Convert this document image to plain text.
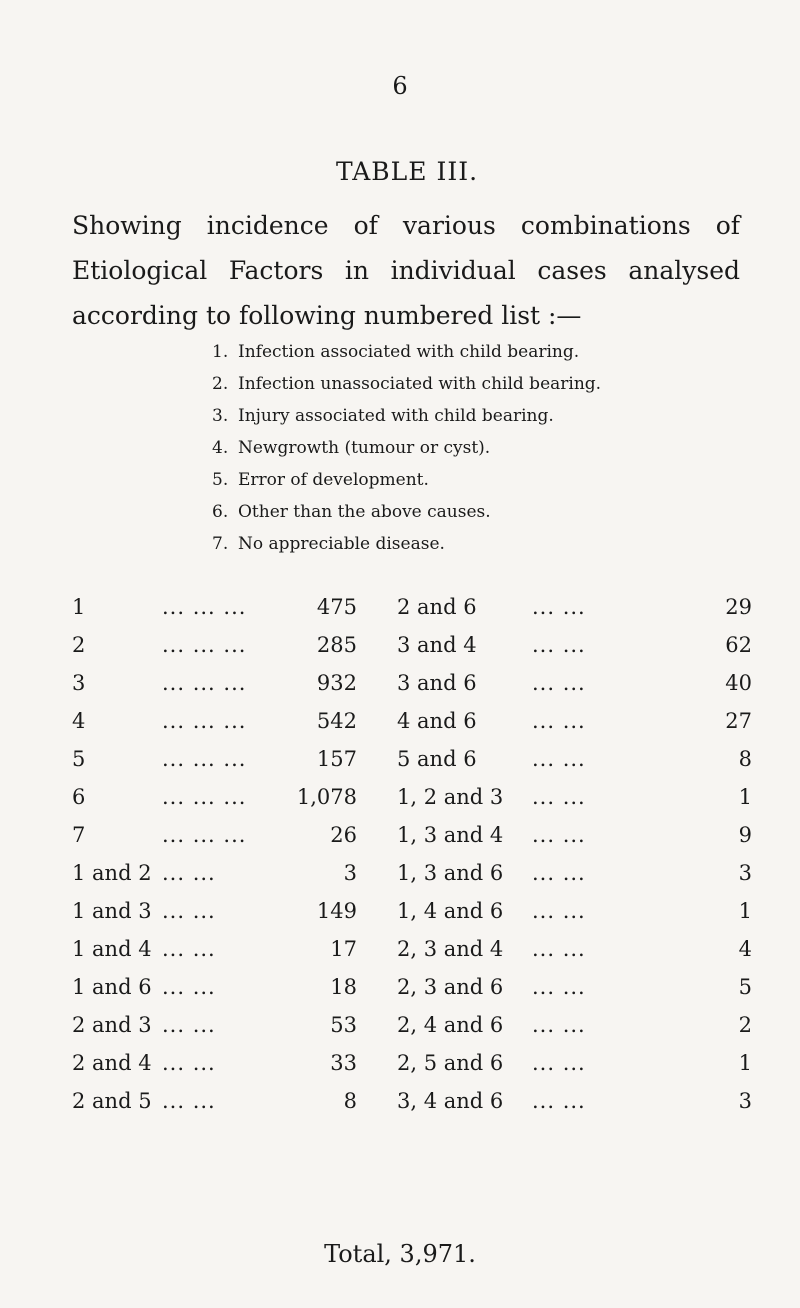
6
TABLE III.

Showing incidence of various combinations of Etiological Factors in individual cases analysed according to following numbered list :—

1. Infection associated with child bearing.
2. Infection unassociated with child bearing.
3. Injury associated with child bearing.
4. Newgrowth (tumour or cyst).
5. Error of development.
6. Other than the above causes.
7. No appreciable disease.
1	... ... ...	475 2 and 6	... ...	29
2	... ... ...	285 3 and 4	... ...	62
3	... ... ...	932 3 and 6	... ...	40
4	... ... ...	542 4 and 6	... ...	27
5	... ... ...	157 5 and 6	... ...	8
6	... ... ...	1,078 1, 2 and 3 ... ...	1
7	... ... ...	26 1, 3 and 4 ... ...	9
1 and 2 ... ...	3 1, 3 and 6 ... ...	3
1 and 3 ... ...	149 1, 4 and 6 ... ...	1
1 and 4 ... ...	17 2, 3 and 4 ... ...	4
1 and 6 ... ...	18 2, 3 and 6 ... ...	5
2 and 3 ... ...	53 2, 4 and 6 ... ...	2
2 and 4 ... ...	33 2, 5 and 6 ... ...	1
2 and 5 ... ...	8 3, 4 and 6 ... ...	3
Total, 3,971.
